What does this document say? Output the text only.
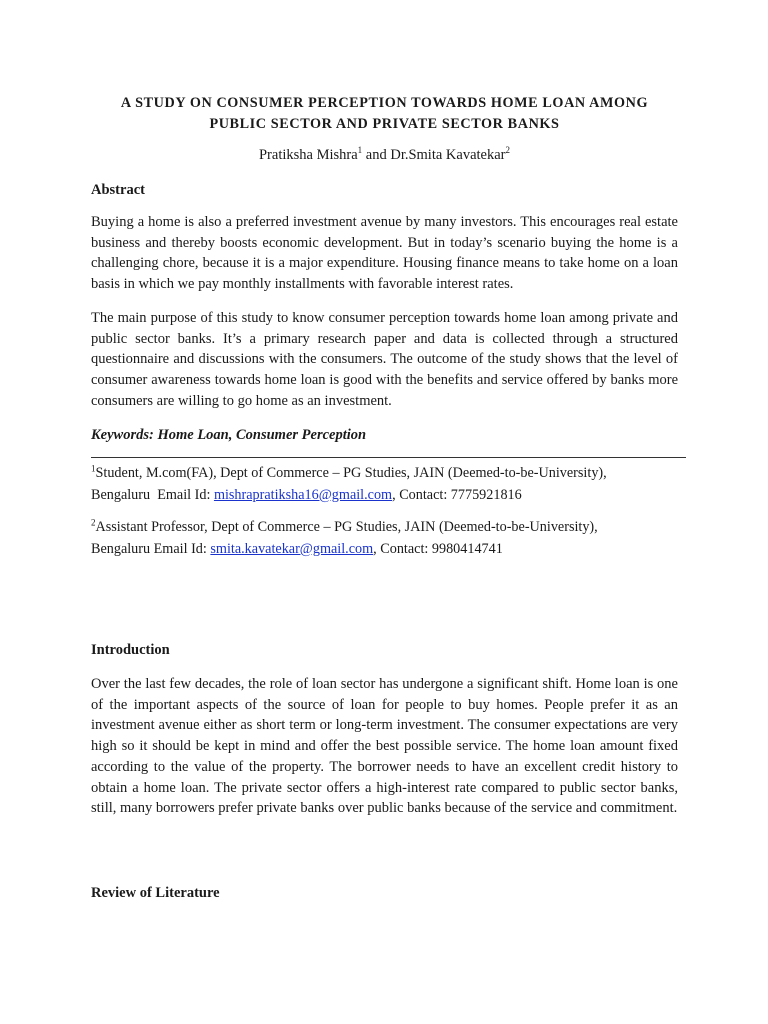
A STUDY ON CONSUMER PERCEPTION TOWARDS HOME LOAN AMONG
PUBLIC SECTOR AND PRIVATE SECTOR BANKS
Pratiksha Mishra$^1$ and Dr.Smita Kavatekar$^2$
Abstract
Buying a home is also a preferred investment avenue by many investors. This encourages real estate business and thereby boosts economic development. But in today’s scenario buying the home is a challenging chore, because it is a major expenditure. Housing finance means to take home on a loan basis in which we pay monthly installments with favorable interest rates.
The main purpose of this study to know consumer perception towards home loan among private and public sector banks. It’s a primary research paper and data is collected through a structured questionnaire and discussions with the consumers. The outcome of the study shows that the level of consumer awareness towards home loan is good with the benefits and service offered by banks more consumers are willing to go home as an investment.
Keywords: Home Loan, Consumer Perception
$^1$Student, M.com(FA), Dept of Commerce – PG Studies, JAIN (Deemed-to-be-University),
Bengaluru  Email Id: mishrapratiksha16@gmail.com, Contact: 7775921816
$^2$Assistant Professor, Dept of Commerce – PG Studies, JAIN (Deemed-to-be-University),
Bengaluru Email Id: smita.kavatekar@gmail.com, Contact: 9980414741
Introduction
Over the last few decades, the role of loan sector has undergone a significant shift. Home loan is one of the important aspects of the source of loan for people to buy homes. People prefer it as an investment avenue either as short term or long-term investment. The consumer expectations are very high so it should be kept in mind and offer the best possible service. The home loan amount fixed according to the value of the property. The borrower needs to have an excellent credit history to obtain a home loan. The private sector offers a high-interest rate compared to public sector banks, still, many borrowers prefer private banks over public banks because of the service and commitment.
Review of Literature
